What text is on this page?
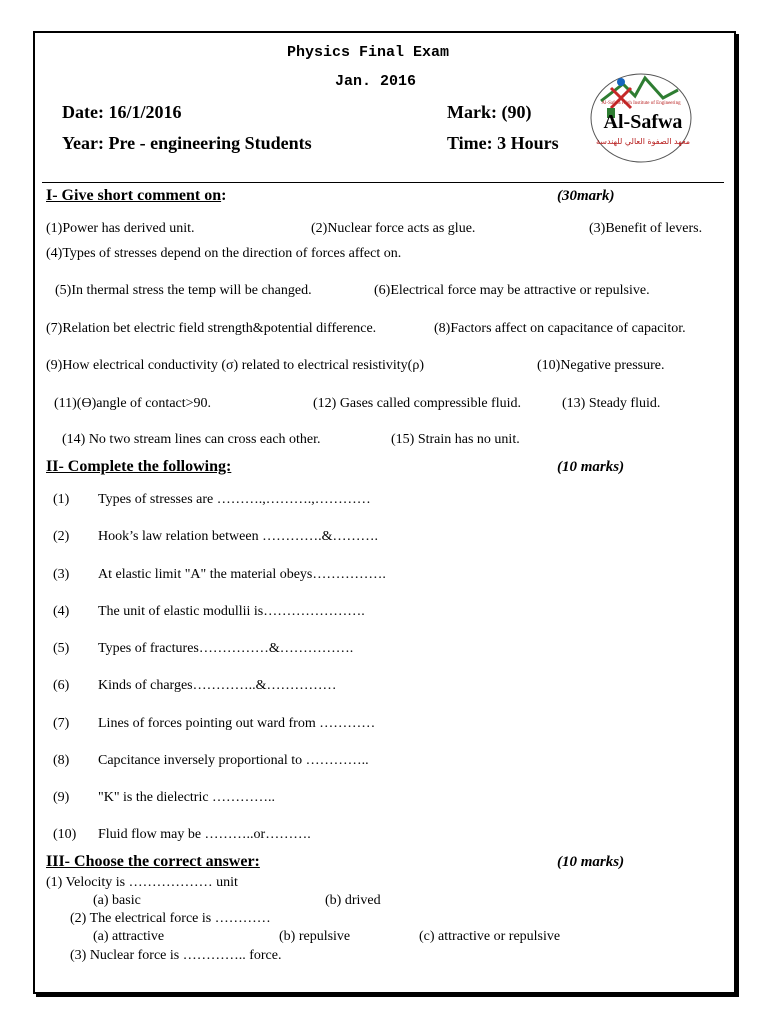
Physics Final Exam
Jan. 2016
Date: 16/1/2016	Mark: (90)
Year: Pre - engineering Students	Time: 3 Hours
Al-Safwa High Institute of Engineering
Al-Safwa
معهد الصفوة العالي للهندسة
I- Give short comment on:	(30mark)
(1)Power has derived unit.	(2)Nuclear force acts as glue.	(3)Benefit of levers.
(4)Types of stresses depend on the direction of forces affect on.
(5)In thermal stress the temp will be changed.	(6)Electrical force may be attractive or repulsive.
(7)Relation bet electric field strength&potential difference.	(8)Factors affect on capacitance of capacitor.
(9)How electrical conductivity (σ) related to electrical resistivity(ρ)	(10)Negative pressure.
(11)(Ɵ)angle of contact>90.	(12) Gases called compressible fluid.	(13) Steady fluid.
(14) No two stream lines can cross each other.	(15) Strain has no unit.
II- Complete the following:	(10 marks)
(1) Types of stresses are ……….,……….,…………
(2) Hook’s law relation between ………….&……….
(3) At elastic limit "A" the material obeys…………….
(4) The unit of elastic modullii is………………….
(5) Types of fractures……………&…………….
(6) Kinds of charges…………..&……………
(7) Lines of forces pointing out ward from …………
(8) Capcitance inversely proportional to …………..
(9) "K" is the dielectric …………..
(10) Fluid flow may be ………..or……….
III- Choose the correct answer:	(10 marks)
(1) Velocity is ……………… unit
(a) basic	(b) drived
(2) The electrical force is …………
(a) attractive	(b) repulsive	(c) attractive or repulsive
(3) Nuclear force is ………….. force.
